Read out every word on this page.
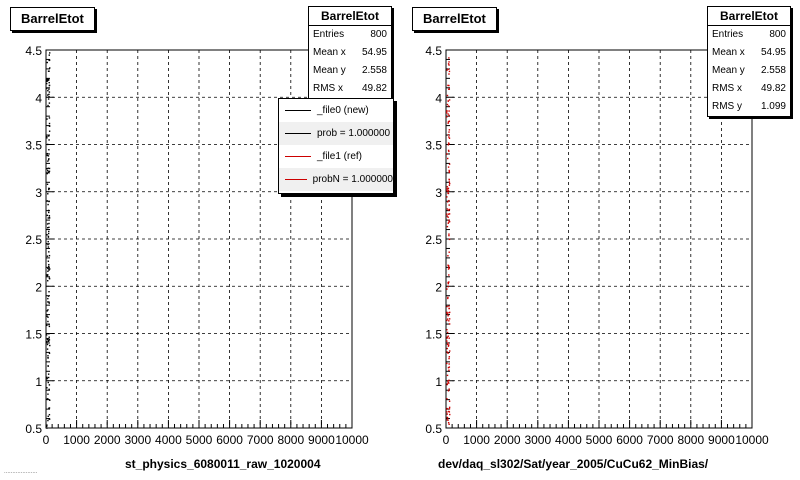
0 1000 2000 3000 4000 5000 6000 7000 8000 9000 10000
0.5
1
1.5
2
2.5
3
3.5
4
4.5
BarrelEtot	BarrelEtot
Entries	800
Mean x 54.95
Mean y 2.558
RMS x 49.82
_file0 (new)
prob = 1.000000
_file1 (ref)
probN = 1.000000
st_physics_6080011_raw_1020004
....................
0 1000 2000 3000 4000 5000 6000 7000 8000 9000 10000
0.5
1
1.5
2
2.5
3
3.5
4
4.5
BarrelEtot	BarrelEtot
Entries	800
Mean x 54.95
Mean y 2.558
RMS x 49.82
RMS y 1.099
dev/daq_sl302/Sat/year_2005/CuCu62_MinBias/
